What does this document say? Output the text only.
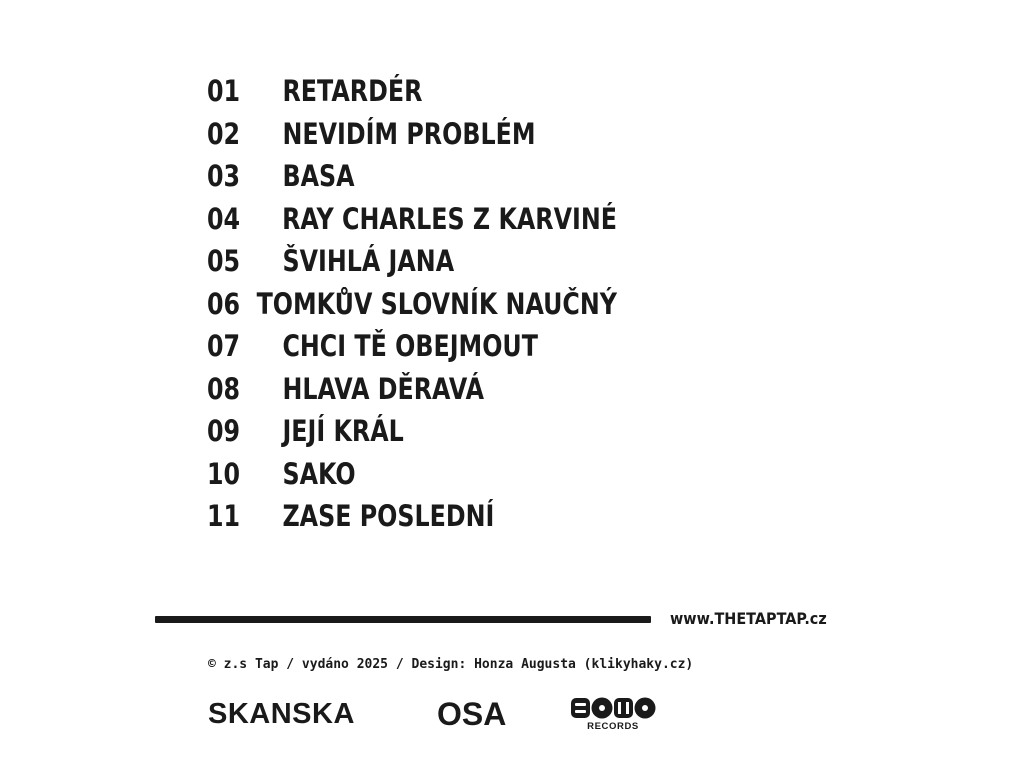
01	RETARDÉR
02	NEVIDÍM PROBLÉM
03	BASA
04	RAY CHARLES Z KARVINÉ
05	ŠVIHLÁ JANA
06 TOMKŮV SLOVNÍK NAUČNÝ
07	CHCI TĚ OBEJMOUT
08	HLAVA DĚRAVÁ
09	JEJÍ KRÁL
10	SAKO
11	ZASE POSLEDNÍ
www.THETAPTAP.cz
© z.s Tap / vydáno 2025 / Design: Honza Augusta (klikyhaky.cz)
SKANSKA	OSA	RECORDS
